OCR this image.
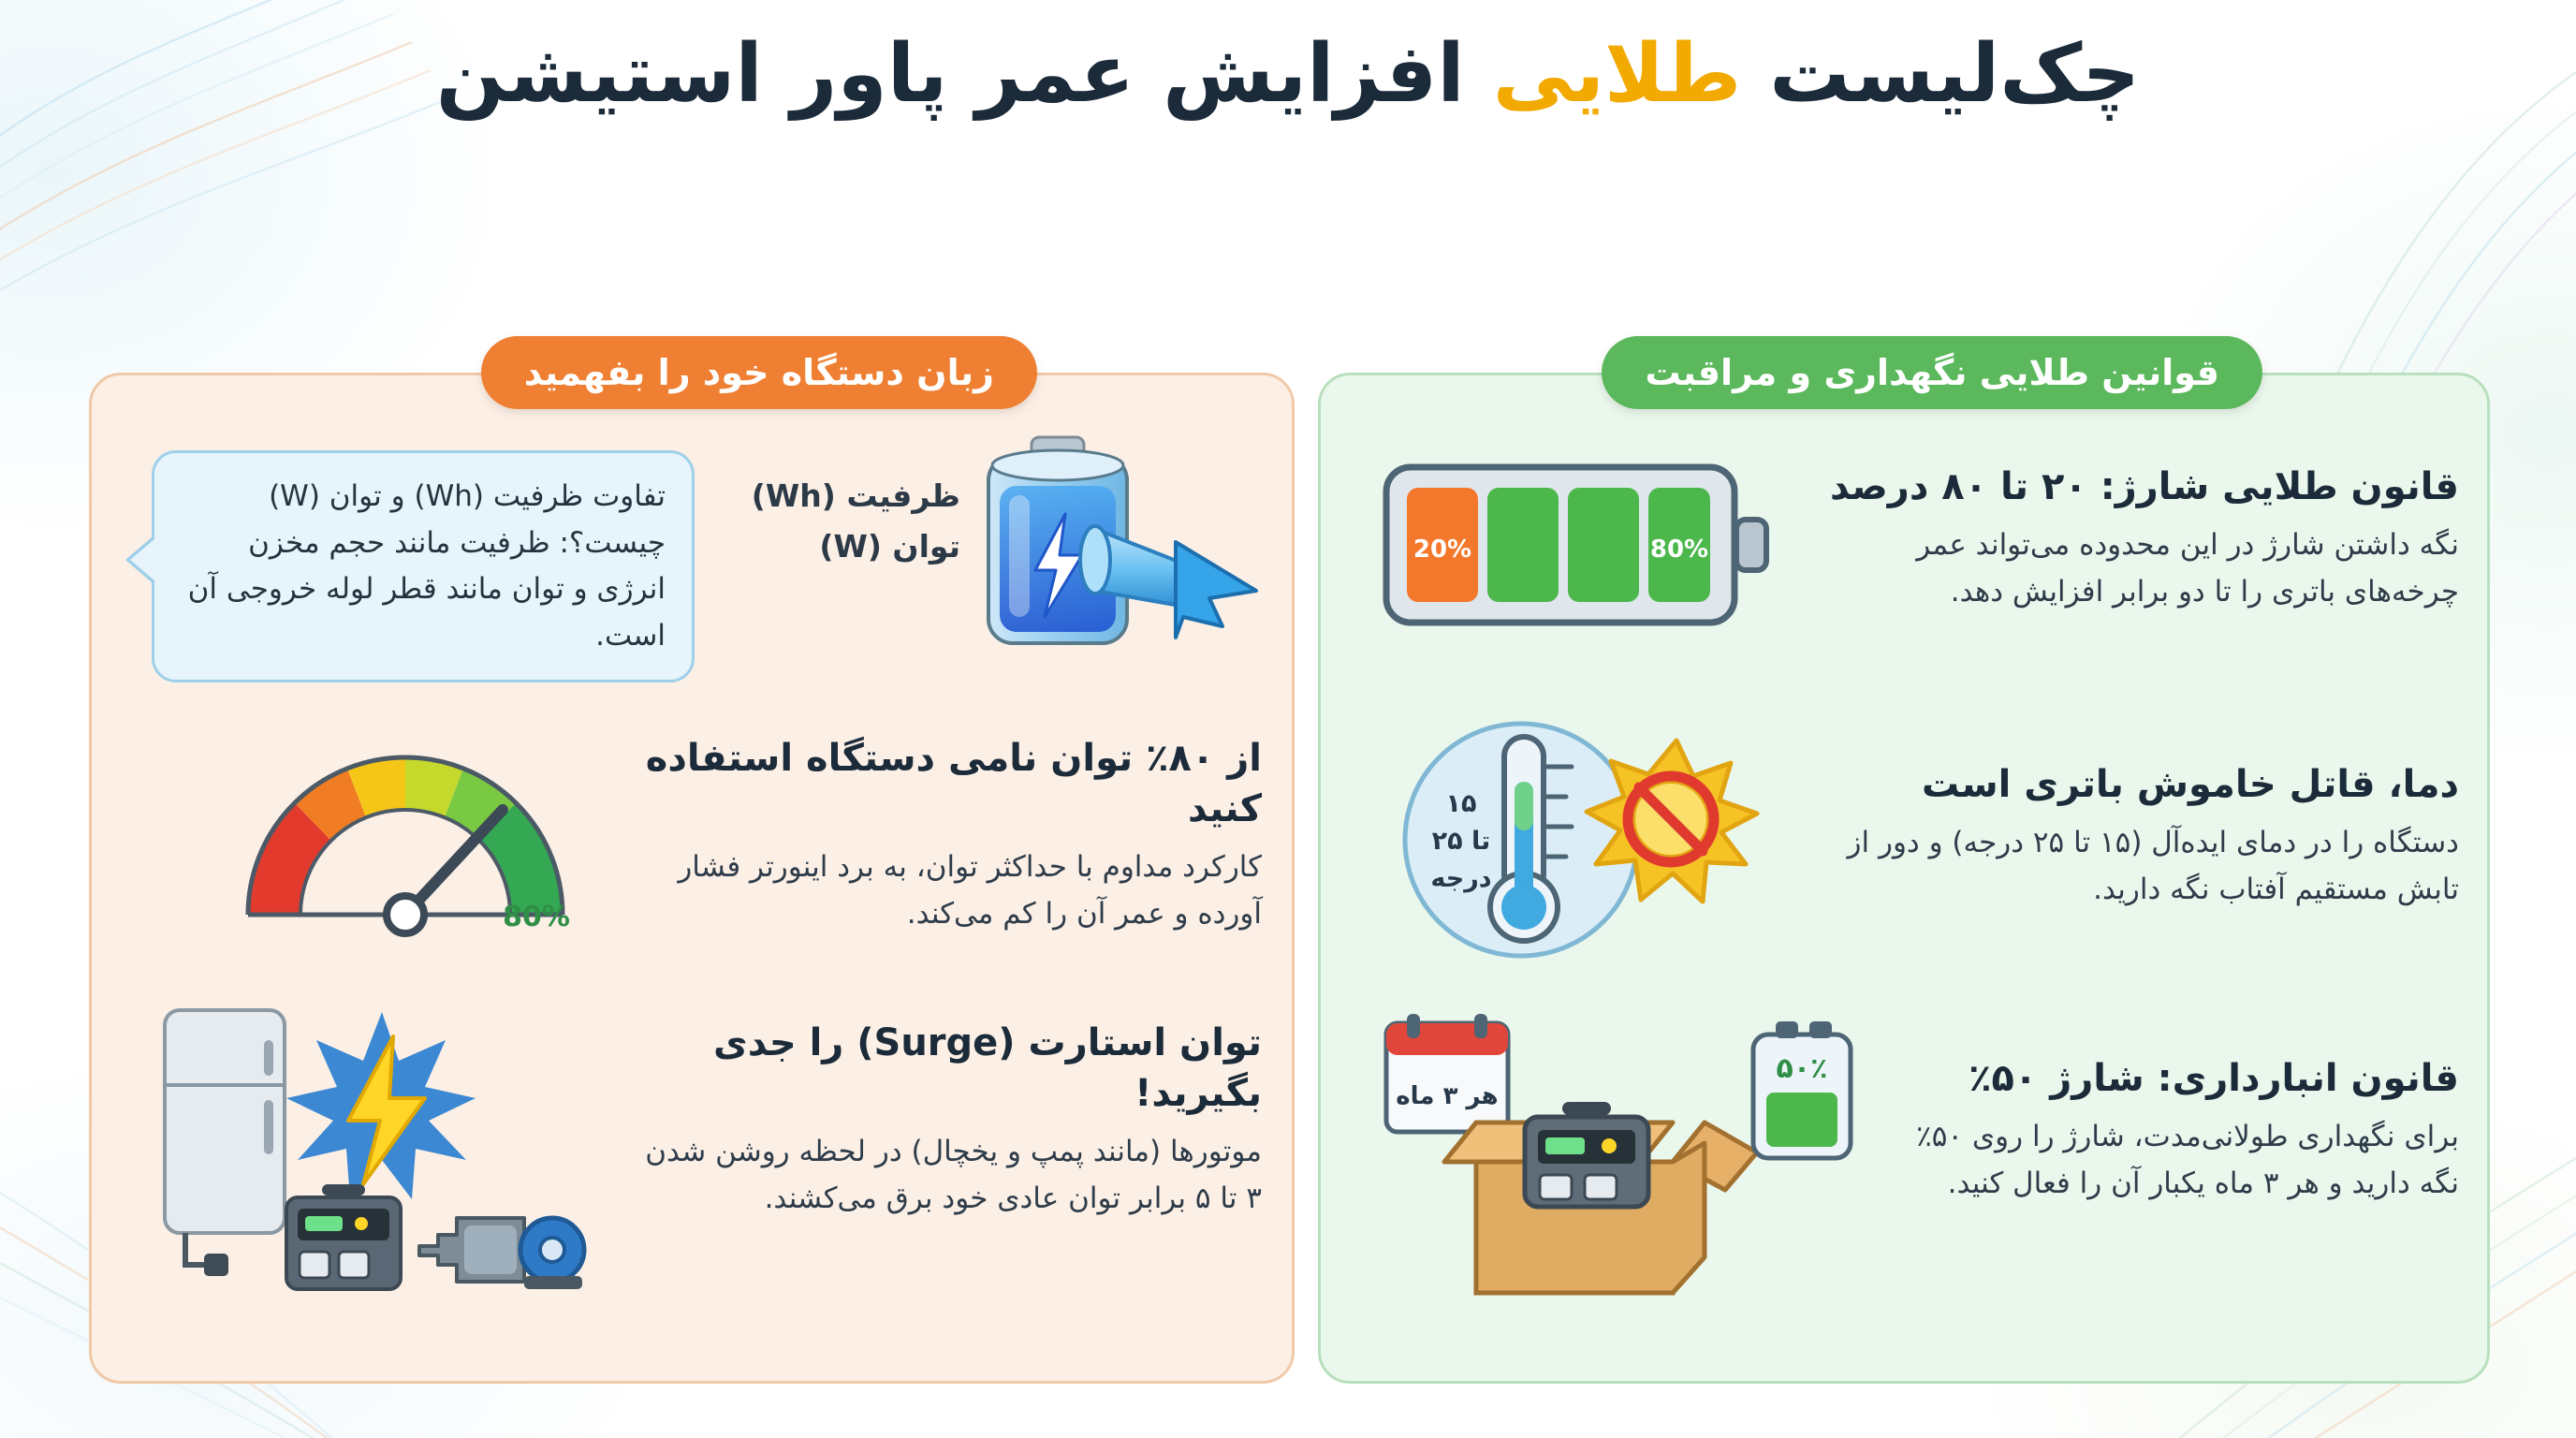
چک‌لیست طلایی افزایش عمر پاور استیشن
زبان دستگاه خود را بفهمید
ظرفیت (Wh)
توان (W)
تفاوت ظرفیت (Wh) و توان (W) چیست؟: ظرفیت مانند حجم مخزن انرژی و توان مانند قطر لوله خروجی آن است.
80%
از ۸۰٪ توان نامی دستگاه استفاده کنید
کارکرد مداوم با حداکثر توان، به برد اینورتر فشار آورده و عمر آن را کم می‌کند.
توان استارت (Surge) را جدی بگیرید!
موتورها (مانند پمپ و یخچال) در لحظه روشن شدن ۳ تا ۵ برابر توان عادی خود برق می‌کشند.
قوانین طلایی نگهداری و مراقبت
20%	80%
قانون طلایی شارژ: ۲۰ تا ۸۰ درصد
نگه داشتن شارژ در این محدوده می‌تواند عمر چرخه‌های باتری را تا دو برابر افزایش دهد.
۱۵
تا ۲۵
درجه
دما، قاتل خاموش باتری است
دستگاه را در دمای ایده‌آل (۱۵ تا ۲۵ درجه) و دور از تابش مستقیم آفتاب نگه دارید.
هر ۳ ماه
۵۰٪	قانون انبارداری: شارژ ۵۰٪
برای نگهداری طولانی‌مدت، شارژ را روی ۵۰٪ نگه دارید و هر ۳ ماه یکبار آن را فعال کنید.
